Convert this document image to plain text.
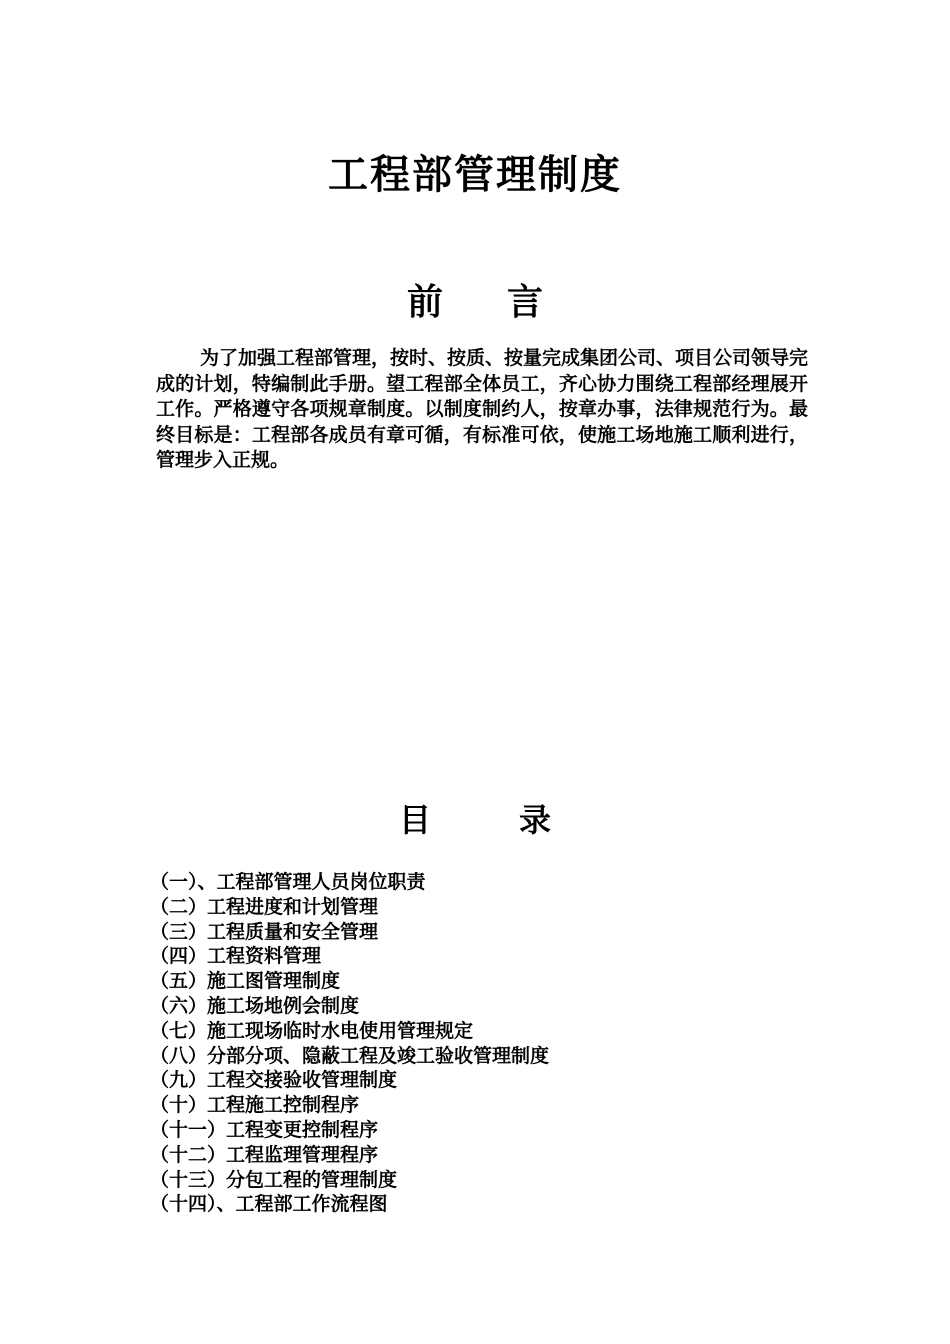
工程部管理制度
前言

为了加强工程部管理，按时、按质、按量完成集团公司、项目公司领导完成的计划，特编制此手册。望工程部全体员工，齐心协力围绕工程部经理展开工作。严格遵守各项规章制度。以制度制约人，按章办事，法律规范行为。最终目标是：工程部各成员有章可循，有标准可依，使施工场地施工顺利进行，管理步入正规。

目录
（一）、工程部管理人员岗位职责
（二）工程进度和计划管理
（三）工程质量和安全管理
（四）工程资料管理
（五）施工图管理制度
（六）施工场地例会制度
（七）施工现场临时水电使用管理规定
（八）分部分项、隐蔽工程及竣工验收管理制度
（九）工程交接验收管理制度
（十）工程施工控制程序
（十一）工程变更控制程序
（十二）工程监理管理程序
（十三）分包工程的管理制度
（十四）、工程部工作流程图
